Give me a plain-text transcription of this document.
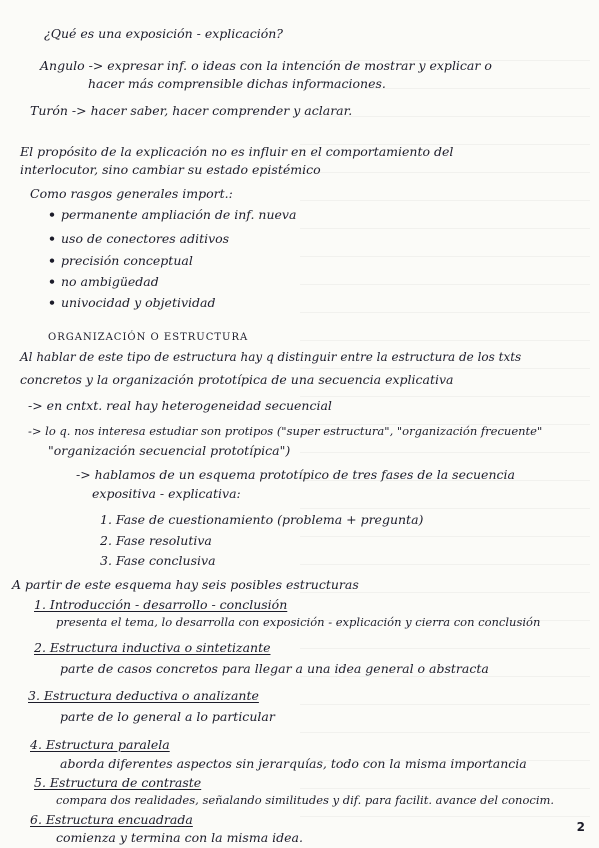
¿Qué es una exposición - explicación?
Angulo -> expresar inf. o ideas con la intención de mostrar y explicar o
hacer más comprensible dichas informaciones.
Turón -> hacer saber, hacer comprender y aclarar.
El propósito de la explicación no es influir en el comportamiento del
interlocutor, sino cambiar su estado epistémico
Como rasgos generales import.:
• permanente ampliación de inf. nueva
• uso de conectores aditivos
• precisión conceptual
• no ambigüedad
• univocidad y objetividad
ORGANIZACIÓN O ESTRUCTURA
Al hablar de este tipo de estructura hay q distinguir entre la estructura de los txts
concretos y la organización prototípica de una secuencia explicativa
-> en cntxt. real hay heterogeneidad secuencial
-> lo q. nos interesa estudiar son protipos ("super estructura", "organización frecuente"
"organización secuencial prototípica")
-> hablamos de un esquema prototípico de tres fases de la secuencia
expositiva - explicativa:
1. Fase de cuestionamiento (problema + pregunta)
2. Fase resolutiva
3. Fase conclusiva
A partir de este esquema hay seis posibles estructuras
1. Introducción - desarrollo - conclusión
presenta el tema, lo desarrolla con exposición - explicación y cierra con conclusión
2. Estructura inductiva o sintetizante
parte de casos concretos para llegar a una idea general o abstracta
3. Estructura deductiva o analizante
parte de lo general a lo particular
4. Estructura paralela
aborda diferentes aspectos sin jerarquías, todo con la misma importancia
5. Estructura de contraste
compara dos realidades, señalando similitudes y dif. para facilit. avance del conocim.
6. Estructura encuadrada
comienza y termina con la misma idea.
2
